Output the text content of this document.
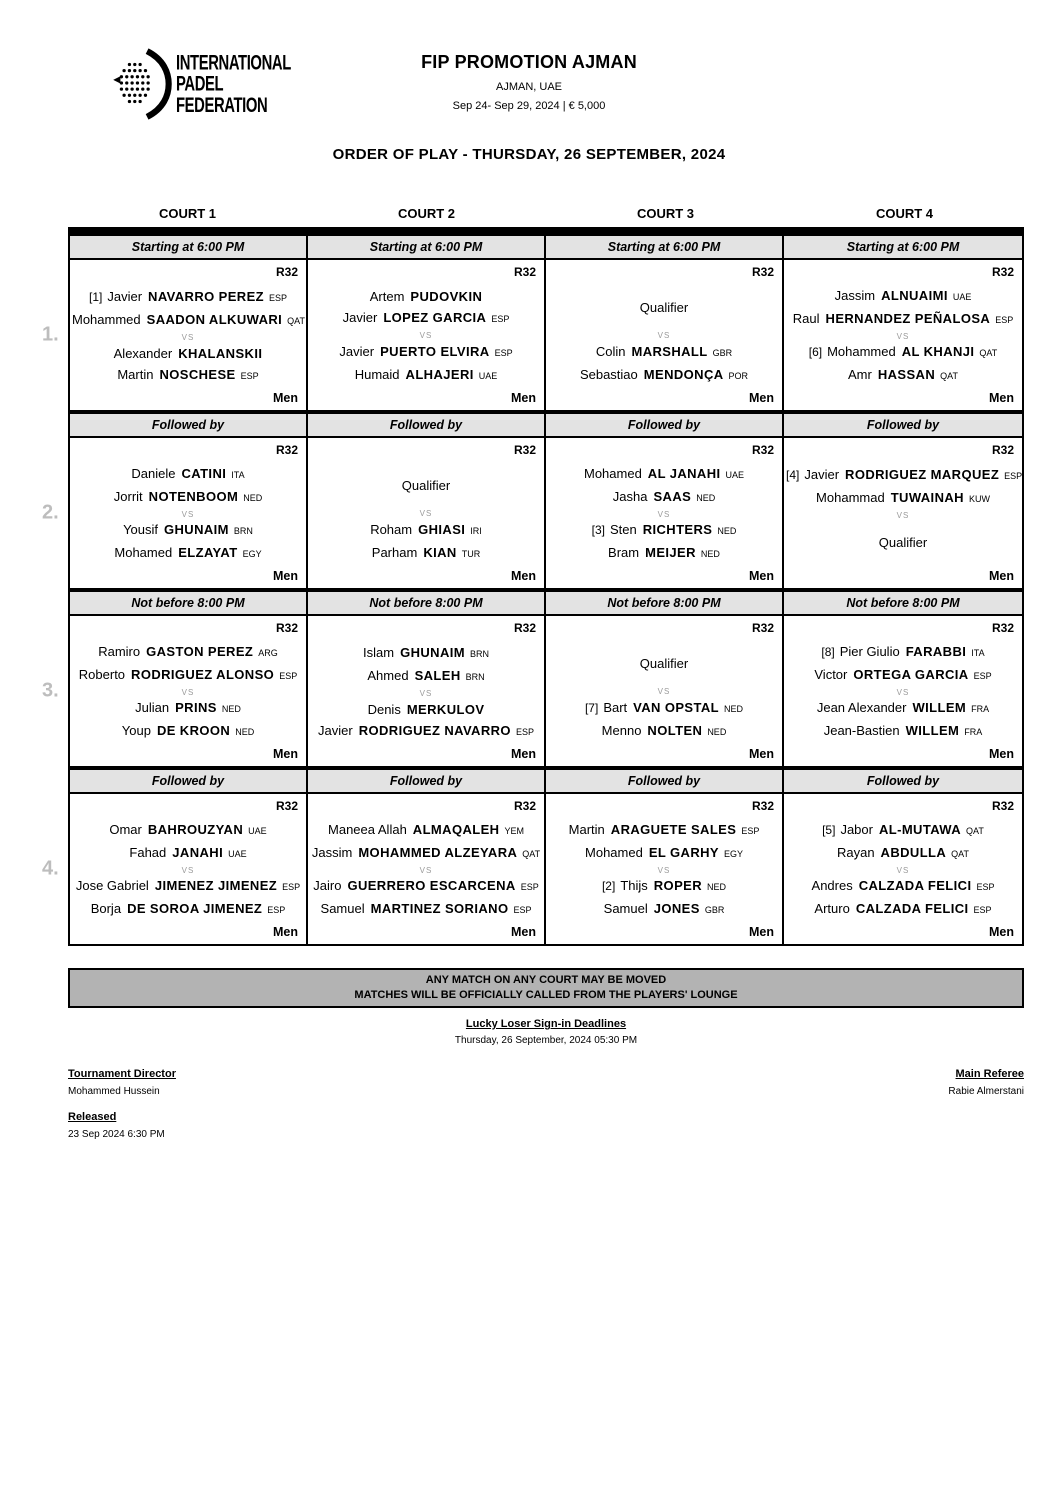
INTERNATIONAL
PADEL
FEDERATION
FIP PROMOTION AJMAN
AJMAN, UAE
Sep 24- Sep 29, 2024 | € 5,000
ORDER OF PLAY - THURSDAY, 26 SEPTEMBER, 2024
COURT 1	COURT 2	COURT 3	COURT 4
Starting at 6:00 PM	Starting at 6:00 PM	Starting at 6:00 PM	Starting at 6:00 PM
1.
R32
[1] Javier NAVARRO PEREZ ESP
Mohammed SAADON ALKUWARI QAT
VS
Alexander KHALANSKII
Martin NOSCHESE ESP
Men
R32
Artem PUDOVKIN
Javier LOPEZ GARCIA ESP
VS
Javier PUERTO ELVIRA ESP
Humaid ALHAJERI UAE
Men
R32
Qualifier
VS
Colin MARSHALL GBR
Sebastiao MENDONÇA POR
Men
R32
Jassim ALNUAIMI UAE
Raul HERNANDEZ PEÑALOSA ESP
VS
[6] Mohammed AL KHANJI QAT
Amr HASSAN QAT
Men
Followed by	Followed by	Followed by	Followed by
2.
R32
Daniele CATINI ITA
Jorrit NOTENBOOM NED
VS
Yousif GHUNAIM BRN
Mohamed ELZAYAT EGY
Men
R32
Qualifier
VS
Roham GHIASI IRI
Parham KIAN TUR
Men
R32
Mohamed AL JANAHI UAE
Jasha SAAS NED
VS
[3] Sten RICHTERS NED
Bram MEIJER NED
Men
R32
[4] Javier RODRIGUEZ MARQUEZ ESP
Mohammad TUWAINAH KUW
VS
Qualifier
Men
Not before 8:00 PM	Not before 8:00 PM	Not before 8:00 PM	Not before 8:00 PM
3.
R32
Ramiro GASTON PEREZ ARG
Roberto RODRIGUEZ ALONSO ESP
VS
Julian PRINS NED
Youp DE KROON NED
Men
R32
Islam GHUNAIM BRN
Ahmed SALEH BRN
VS
Denis MERKULOV
Javier RODRIGUEZ NAVARRO ESP
Men
R32
Qualifier
VS
[7] Bart VAN OPSTAL NED
Menno NOLTEN NED
Men
R32
[8] Pier Giulio FARABBI ITA
Victor ORTEGA GARCIA ESP
VS
Jean Alexander WILLEM FRA
Jean-Bastien WILLEM FRA
Men
Followed by	Followed by	Followed by	Followed by
4.
R32
Omar BAHROUZYAN UAE
Fahad JANAHI UAE
VS
Jose Gabriel JIMENEZ JIMENEZ ESP
Borja DE SOROA JIMENEZ ESP
Men
R32
Maneea Allah ALMAQALEH YEM
Jassim MOHAMMED ALZEYARA QAT
VS
Jairo GUERRERO ESCARCENA ESP
Samuel MARTINEZ SORIANO ESP
Men
R32
Martin ARAGUETE SALES ESP
Mohamed EL GARHY EGY
VS
[2] Thijs ROPER NED
Samuel JONES GBR
Men
R32
[5] Jabor AL-MUTAWA QAT
Rayan ABDULLA QAT
VS
Andres CALZADA FELICI ESP
Arturo CALZADA FELICI ESP
Men
ANY MATCH ON ANY COURT MAY BE MOVED
MATCHES WILL BE OFFICIALLY CALLED FROM THE PLAYERS' LOUNGE
Lucky Loser Sign-in Deadlines
Thursday, 26 September, 2024 05:30 PM
Tournament Director
Mohammed Hussein
Released
23 Sep 2024 6:30 PM
Main Referee
Rabie Almerstani
